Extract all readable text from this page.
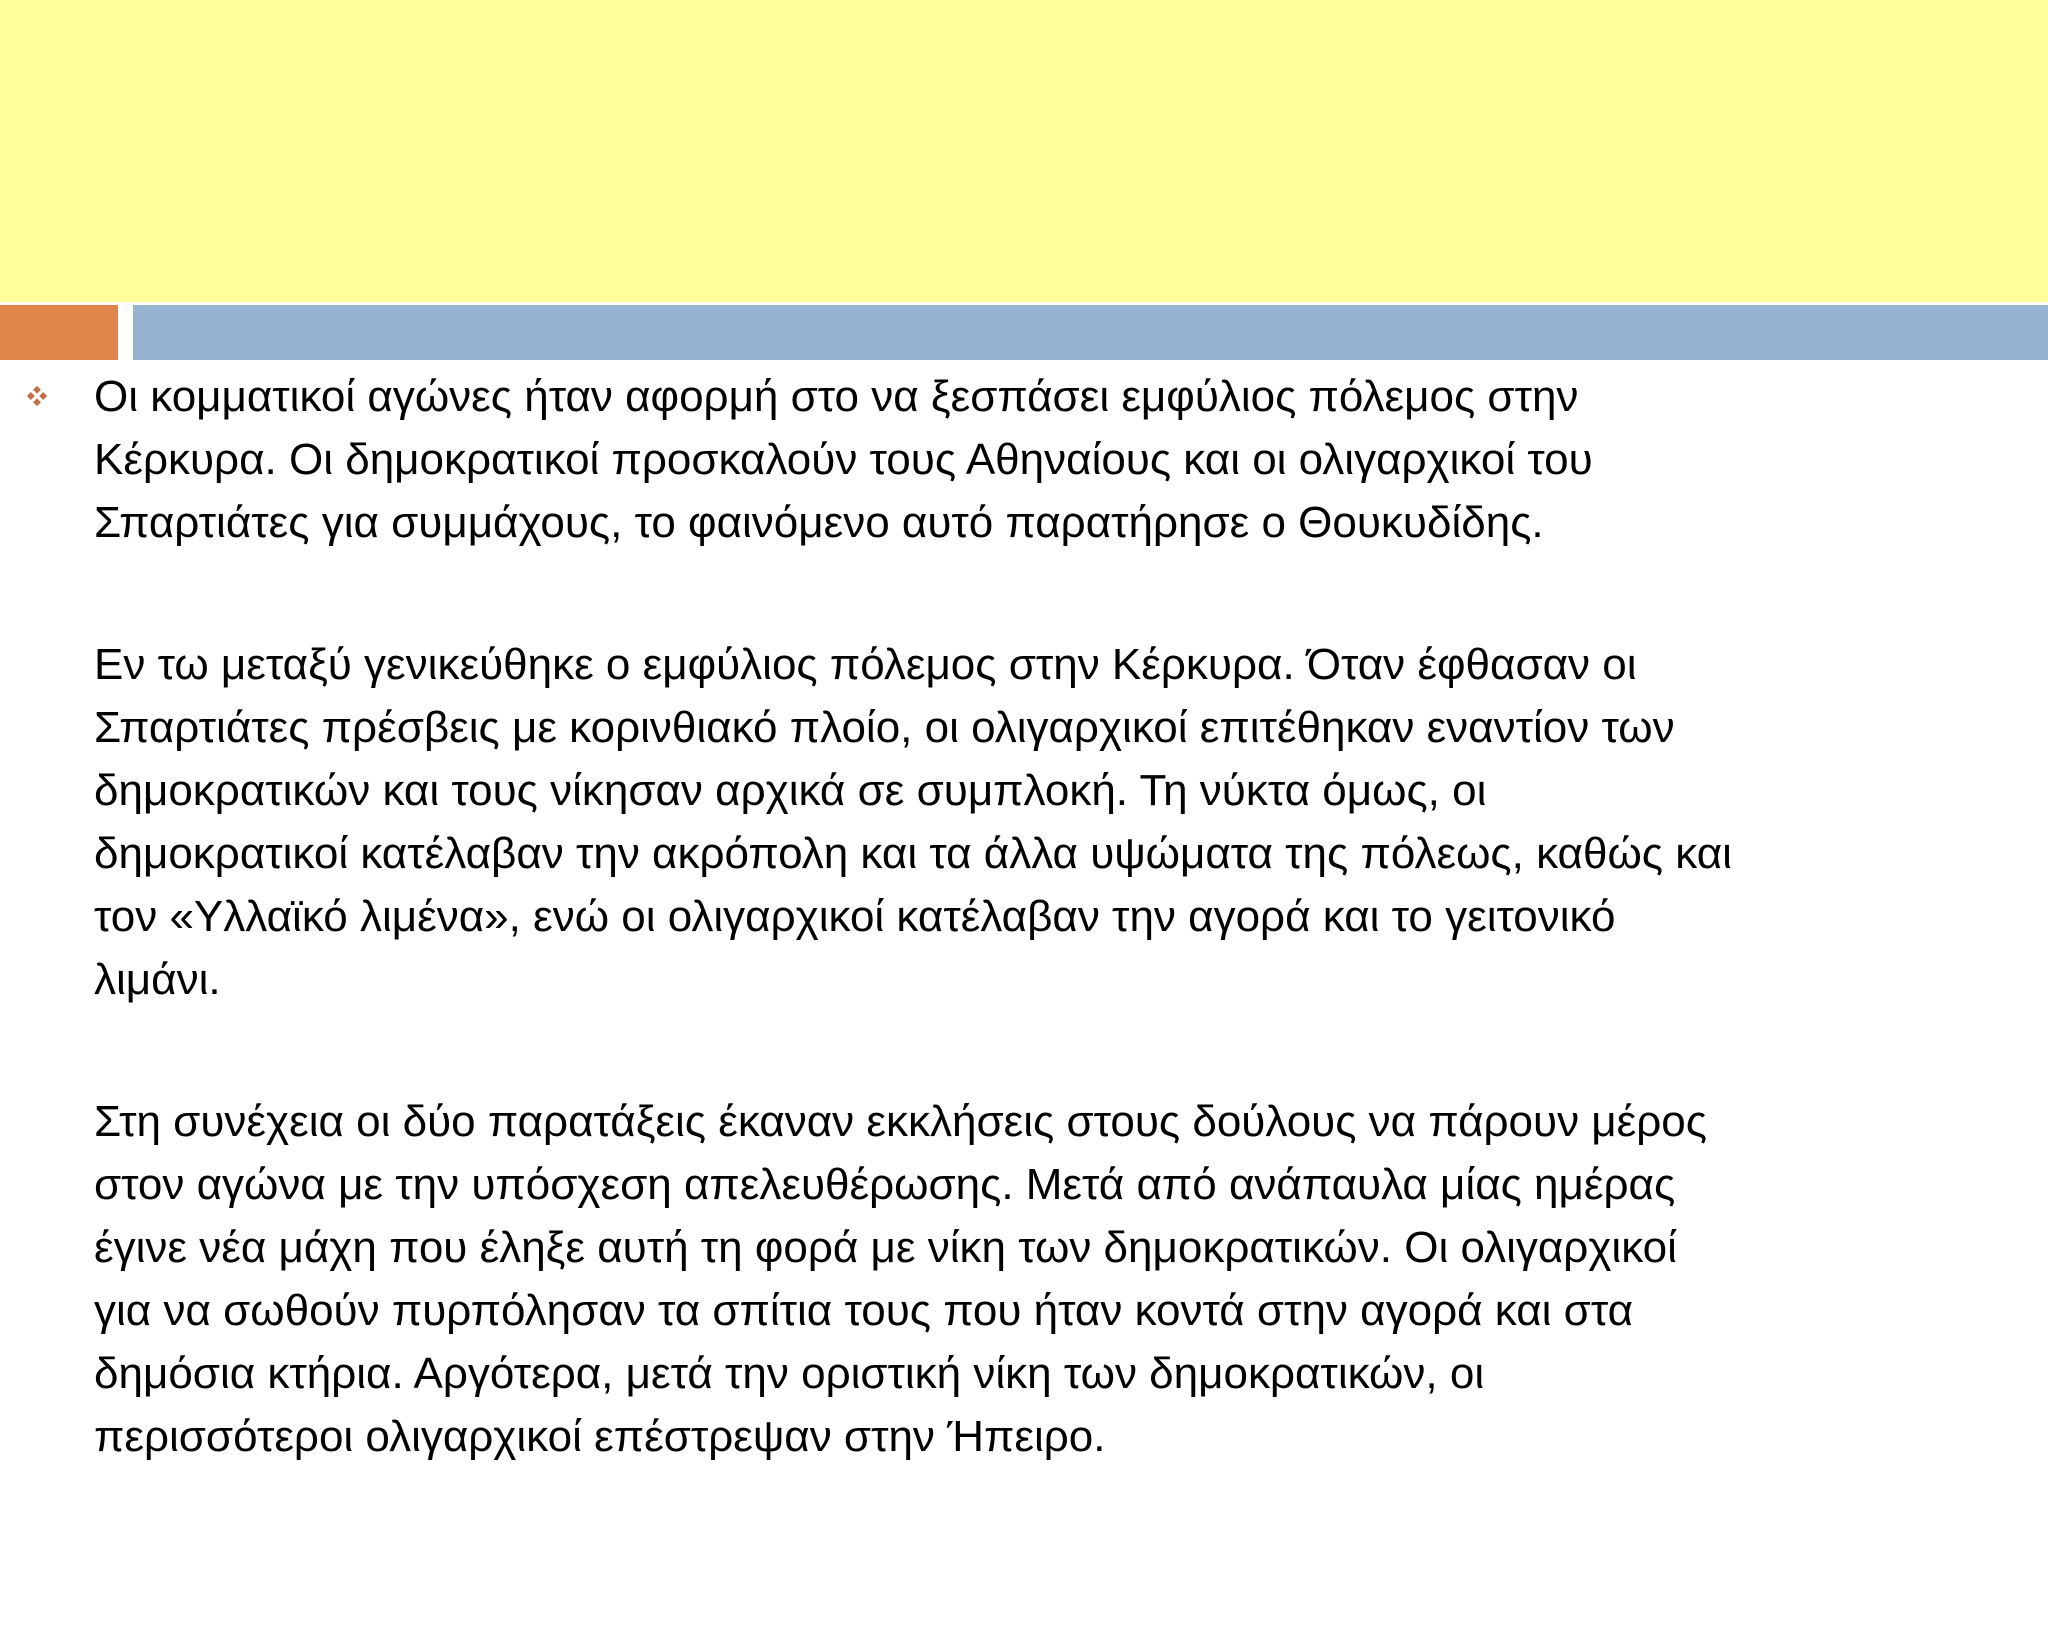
Οι κομματικοί αγώνες ήταν αφορμή στο να ξεσπάσει εμφύλιος πόλεμος στην
Κέρκυρα. Οι δημοκρατικοί προσκαλούν τους Αθηναίους και οι ολιγαρχικοί του
Σπαρτιάτες για συμμάχους, το φαινόμενο αυτό παρατήρησε ο Θουκυδίδης.

Εν τω μεταξύ γενικεύθηκε ο εμφύλιος πόλεμος στην Κέρκυρα. Όταν έφθασαν οι
Σπαρτιάτες πρέσβεις με κορινθιακό πλοίο, οι ολιγαρχικοί επιτέθηκαν εναντίον των
δημοκρατικών και τους νίκησαν αρχικά σε συμπλοκή. Τη νύκτα όμως, οι
δημοκρατικοί κατέλαβαν την ακρόπολη και τα άλλα υψώματα της πόλεως, καθώς και
τον «Υλλαϊκό λιμένα», ενώ οι ολιγαρχικοί κατέλαβαν την αγορά και το γειτονικό
λιμάνι.

Στη συνέχεια οι δύο παρατάξεις έκαναν εκκλήσεις στους δούλους να πάρουν μέρος
στον αγώνα με την υπόσχεση απελευθέρωσης. Μετά από ανάπαυλα μίας ημέρας
έγινε νέα μάχη που έληξε αυτή τη φορά με νίκη των δημοκρατικών. Οι ολιγαρχικοί
για να σωθούν πυρπόλησαν τα σπίτια τους που ήταν κοντά στην αγορά και στα
δημόσια κτήρια. Αργότερα, μετά την οριστική νίκη των δημοκρατικών, οι
περισσότεροι ολιγαρχικοί επέστρεψαν στην Ήπειρο.
